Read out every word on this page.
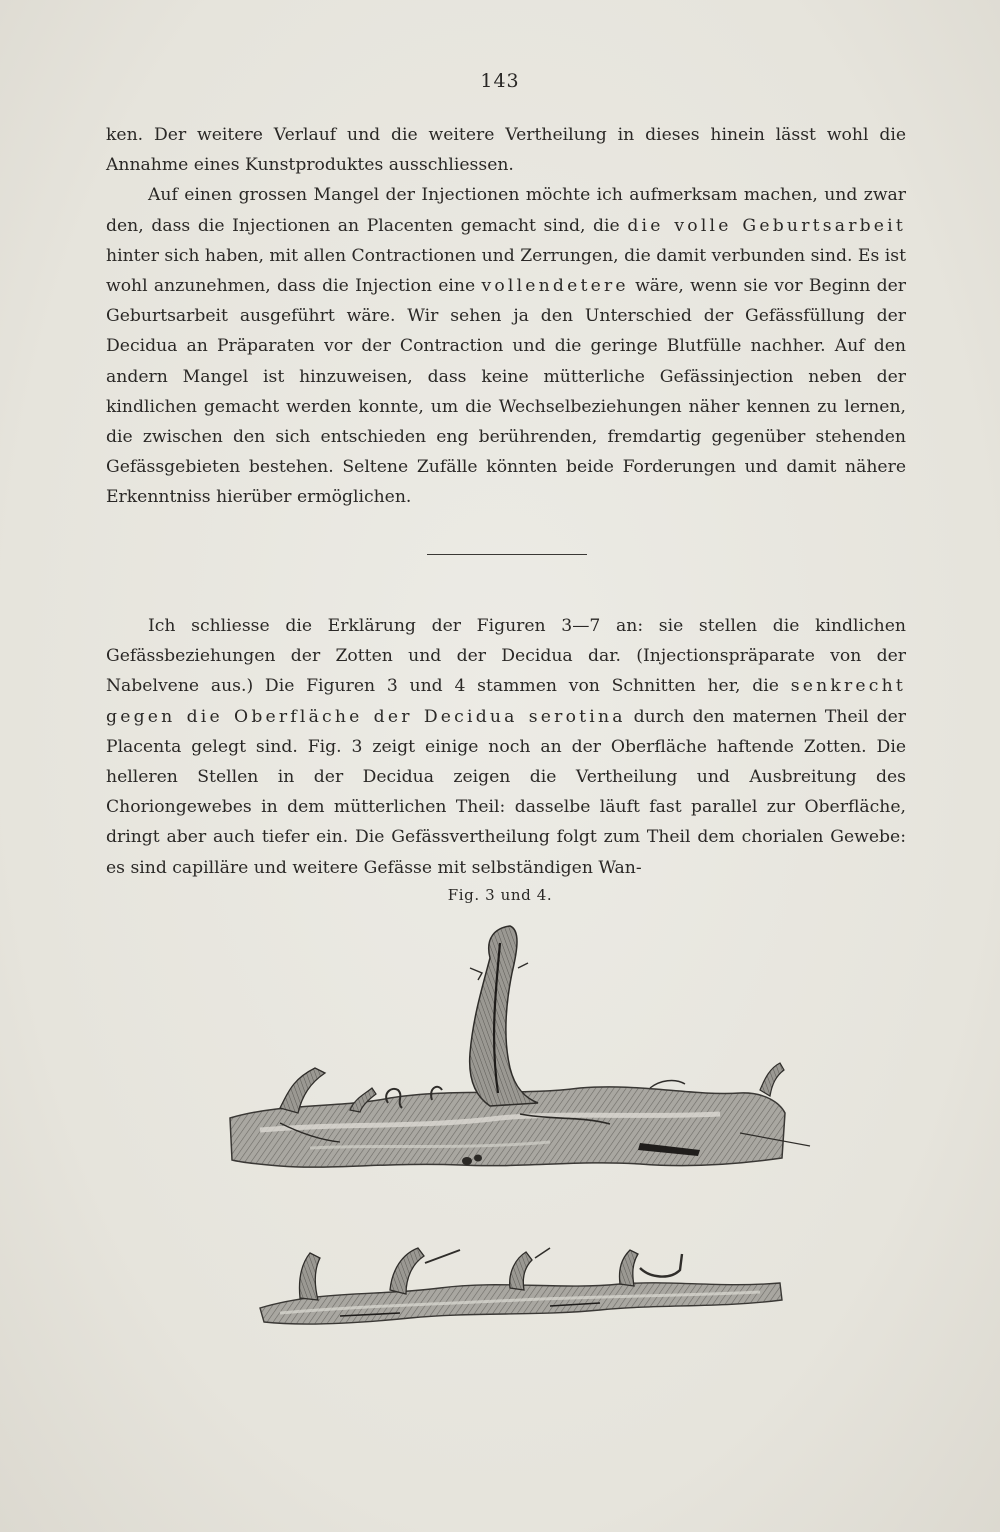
143

ken. Der weitere Verlauf und die weitere Vertheilung in dieses hinein lässt wohl die Annahme eines Kunstproduktes ausschliessen.

Auf einen grossen Mangel der Injectionen möchte ich aufmerksam machen, und zwar den, dass die Injectionen an Placenten gemacht sind, die die volle Geburtsarbeit hinter sich haben, mit allen Contractionen und Zerrungen, die damit verbunden sind. Es ist wohl anzunehmen, dass die Injection eine vollendetere wäre, wenn sie vor Beginn der Geburtsarbeit ausgeführt wäre. Wir sehen ja den Unterschied der Gefässfüllung der Decidua an Präparaten vor der Contraction und die geringe Blutfülle nachher. Auf den andern Mangel ist hinzuweisen, dass keine mütterliche Gefässinjection neben der kindlichen gemacht werden konnte, um die Wechselbeziehungen näher kennen zu lernen, die zwischen den sich entschieden eng berührenden, fremdartig gegenüber stehenden Gefässgebieten bestehen. Seltene Zufälle könnten beide Forderungen und damit nähere Erkenntniss hierüber ermöglichen.

Ich schliesse die Erklärung der Figuren 3—7 an: sie stellen die kindlichen Gefässbeziehungen der Zotten und der Decidua dar. (Injectionspräparate von der Nabelvene aus.) Die Figuren 3 und 4 stammen von Schnitten her, die senkrecht gegen die Oberfläche der Decidua serotina durch den maternen Theil der Placenta gelegt sind. Fig. 3 zeigt einige noch an der Oberfläche haftende Zotten. Die helleren Stellen in der Decidua zeigen die Vertheilung und Ausbreitung des Choriongewebes in dem mütterlichen Theil: dasselbe läuft fast parallel zur Oberfläche, dringt aber auch tiefer ein. Die Gefässvertheilung folgt zum Theil dem chorialen Gewebe: es sind capilläre und weitere Gefässe mit selbständigen Wan-

Fig. 3 und 4.
